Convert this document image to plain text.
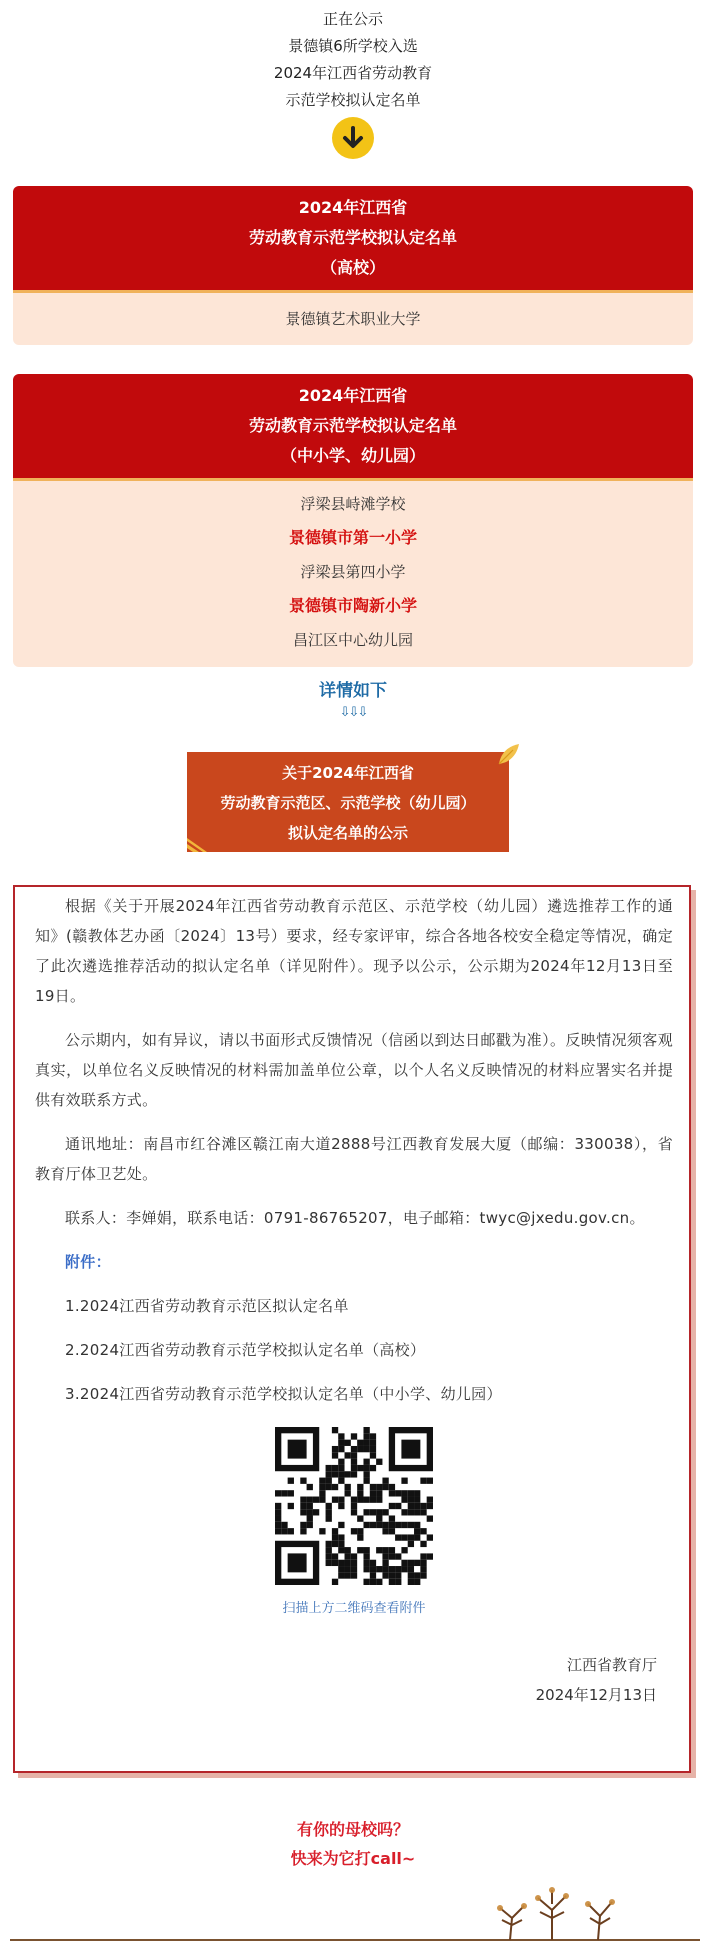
正在公示
景德镇6所学校入选
2024年江西省劳动教育
示范学校拟认定名单
2024年江西省
劳动教育示范学校拟认定名单
（高校）
景德镇艺术职业大学
2024年江西省
劳动教育示范学校拟认定名单
（中小学、幼儿园）
浮梁县峙滩学校
景德镇市第一小学
浮梁县第四小学
景德镇市陶新小学
昌江区中心幼儿园
详情如下
⇩⇩⇩
关于2024年江西省
劳动教育示范区、示范学校（幼儿园）
拟认定名单的公示

根据《关于开展2024年江西省劳动教育示范区、示范学校（幼儿园）遴选推荐工作的通知》(赣教体艺办函〔2024〕13号）要求，经专家评审，综合各地各校安全稳定等情况，确定了此次遴选推荐活动的拟认定名单（详见附件）。现予以公示，公示期为2024年12月13日至19日。

公示期内，如有异议，请以书面形式反馈情况（信函以到达日邮戳为准）。反映情况须客观真实，以单位名义反映情况的材料需加盖单位公章，以个人名义反映情况的材料应署实名并提供有效联系方式。

通讯地址：南昌市红谷滩区赣江南大道2888号江西教育发展大厦（邮编：330038），省教育厅体卫艺处。

联系人：李婵娟，联系电话：0791-86765207，电子邮箱：twyc@jxedu.gov.cn。

附件：

1.2024江西省劳动教育示范区拟认定名单

2.2024江西省劳动教育示范学校拟认定名单（高校）

3.2024江西省劳动教育示范学校拟认定名单（中小学、幼儿园）

扫描上方二维码查看附件
江西省教育厅
2024年12月13日
有你的母校吗？
快来为它打call~
